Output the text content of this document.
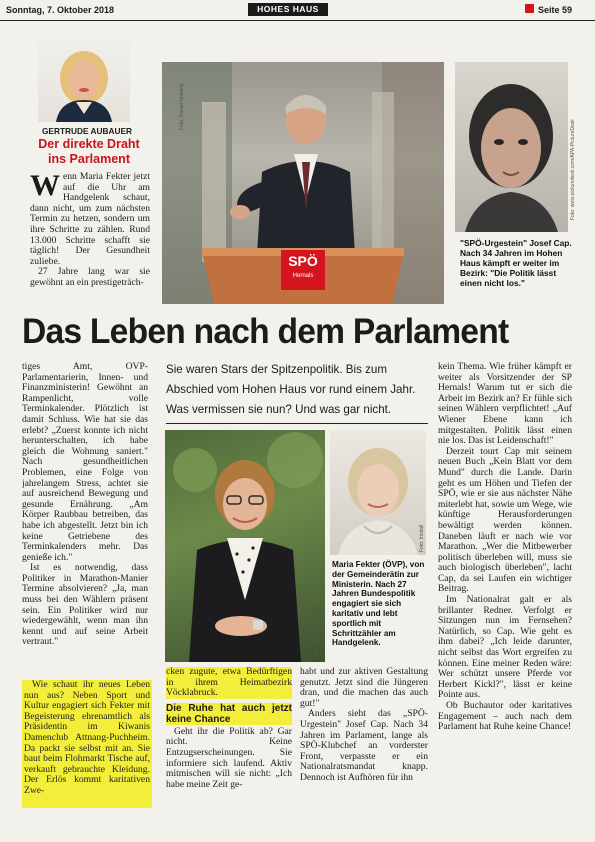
Sonntag, 7. Oktober 2018	HOHES HAUS	Seite 59
GERTRUDE AUBAUER
Der direkte Draht
ins Parlament
W enn Maria Fekter jetzt auf die Uhr am Handgelenk schaut, dann nicht, um zum nächsten Termin zu hetzen, sondern um ihre Schritte zu zählen. Rund 13.000 Schritte schafft sie täglich! Der Gesundheit zuliebe.

27 Jahre lang war sie gewöhnt an ein prestigeträch-

SPÖ
Hernals
Foto: Daniel Novotny
Foto: www.picturedesk.com/APA-PictureDesk
"SPÖ-Urgestein" Josef Cap. Nach 34 Jahren im Hohen Haus kämpft er weiter im Bezirk: "Die Politik lässt einen nicht los."
Das Leben nach dem Parlament

tiges Amt, ÖVP-Parlamentarierin, Innen- und Finanzministerin! Gewöhnt an Rampenlicht, volle Terminkalender. Plötzlich ist damit Schluss. Wie hat sie das erlebt? „Zuerst konnte ich nicht herunterschalten, ich habe gleich die Wohnung saniert." Nach gesundheitlichen Problemen, eine Folge von jahrelangem Stress, achtet sie auf ausreichend Bewegung und gesunde Ernährung. „Am Körper Raubbau betreiben, das habe ich abgestellt. Jetzt bin ich keine Getriebene des Terminkalenders mehr. Das genieße ich."

Ist es notwendig, dass Politiker in Marathon-Manier Termine absolvieren? „Ja, man muss bei den Wählern präsent sein. Ein Politiker wird nur wiedergewählt, wenn man ihn kennt und auf seine Arbeit vertraut."

Wie schaut ihr neues Leben nun aus? Neben Sport und Kultur engagiert sich Fekter mit Begeisterung ehrenamtlich als Präsidentin im Kiwanis Damenclub Attnang-Puchheim. Da packt sie selbst mit an. Sie baut beim Flohmarkt Tische auf, verkauft gebrauchte Kleidung. Der Erlös kommt karitativen Zwe-

Sie waren Stars der Spitzenpolitik. Bis zum Abschied vom Hohen Haus vor rund einem Jahr. Was vermissen sie nun? Und was gar nicht.
Foto: Gertrude Aubauer
Foto: Imstall
Maria Fekter (ÖVP), von der Gemeinderätin zur Ministerin. Nach 27 Jahren Bundespolitik engagiert sie sich karitativ und lebt sportlich mit Schrittzähler am Handgelenk.

cken zugute, etwa Bedürftigen in ihrem Heimatbezirk Vöcklabruck.

Die Ruhe hat auch jetzt keine Chance

Geht ihr die Politik ab? Gar nicht. Keine Entzugserscheinungen. Sie informiere sich laufend. Aktiv mitmischen will sie nicht: „Ich habe meine Zeit ge-

habt und zur aktiven Gestaltung genutzt. Jetzt sind die Jüngeren dran, und die machen das auch gut!"

Anders sieht das „SPÖ-Urgestein" Josef Cap. Nach 34 Jahren im Parlament, lange als SPÖ-Klubchef an vorderster Front, verpasste er ein Nationalratsmandat knapp. Dennoch ist Aufhören für ihn

kein Thema. Wie früher kämpft er weiter als Vorsitzender der SP Hernals! Warum tut er sich die Arbeit im Bezirk an? Er fühle sich seinen Wählern verpflichtet! „Auf Wiener Ebene kann ich mitgestalten. Politik lässt einen nie los. Das ist Leidenschaft!"

Derzeit tourt Cap mit seinem neuen Buch „Kein Blatt vor dem Mund" durch die Lande. Darin geht es um Höhen und Tiefen der SPÖ, wie er sie aus nächster Nähe miterlebt hat, sowie um Wege, wie künftige Herausforderungen bewältigt werden können. Daneben läuft er nach wie vor Marathon. „Wer die Mitbewerber politisch überleben will, muss sie auch biologisch überleben", lacht Cap, da sei Laufen ein wichtiger Beitrag.

Im Nationalrat galt er als brillanter Redner. Verfolgt er Sitzungen nun im Fernsehen? Natürlich, so Cap. Wie geht es ihm dabei? „Ich leide darunter, nicht selbst das Wort ergreifen zu können. Eine meiner Reden wäre: Wer schützt unsere Pferde vor Herbert Kickl?", lässt er keine Pointe aus.

Ob Buchautor oder karitatives Engagement – auch nach dem Parlament hat Ruhe keine Chance!
